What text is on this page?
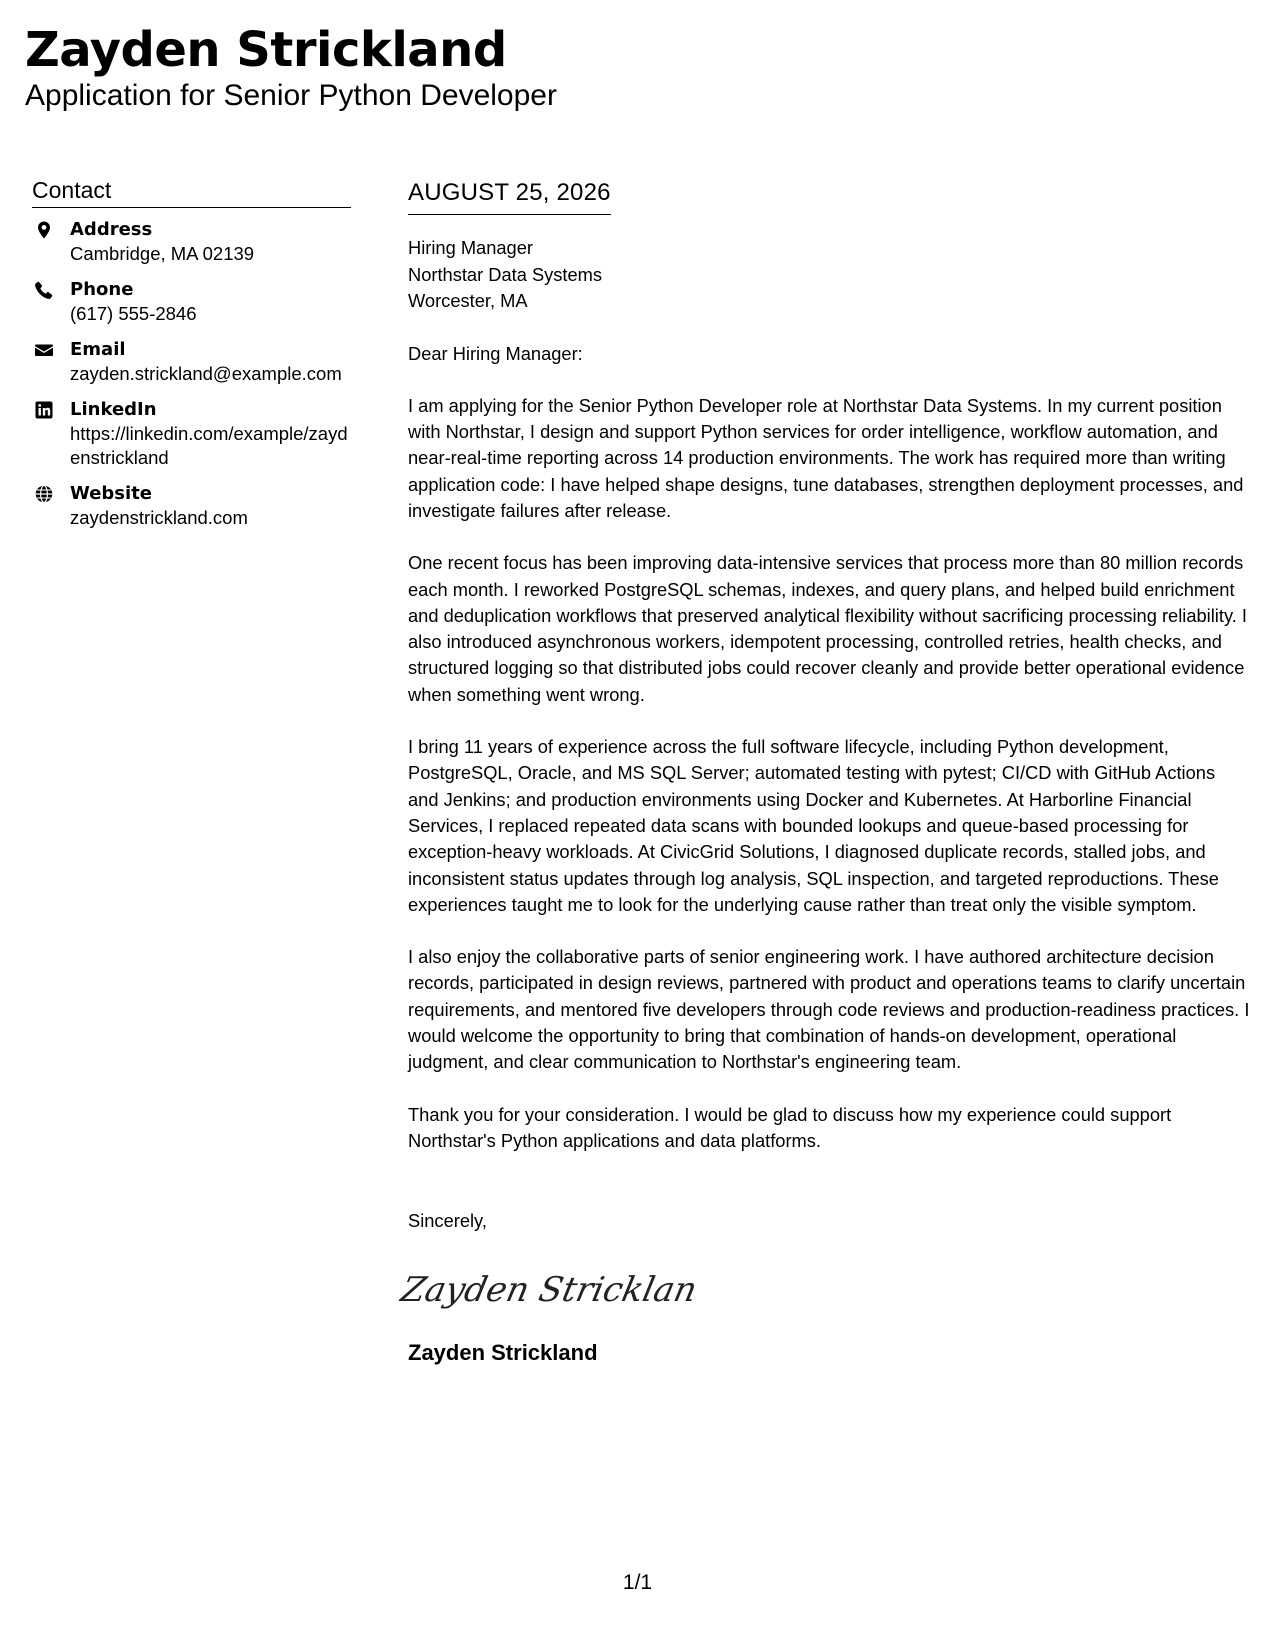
Zayden Strickland
Application for Senior Python Developer
Contact
Address
Cambridge, MA 02139
Phone
(617) 555-2846
Email
zayden.strickland@example.com
LinkedIn
https://linkedin.com/example/zaydenstrickland
Website
zaydenstrickland.com
AUGUST 25, 2026
Hiring Manager
Northstar Data Systems
Worcester, MA
Dear Hiring Manager:

I am applying for the Senior Python Developer role at Northstar Data Systems. In my current position with Northstar, I design and support Python services for order intelligence, workflow automation, and near-real-time reporting across 14 production environments. The work has required more than writing application code: I have helped shape designs, tune databases, strengthen deployment processes, and investigate failures after release.

One recent focus has been improving data-intensive services that process more than 80 million records each month. I reworked PostgreSQL schemas, indexes, and query plans, and helped build enrichment and deduplication workflows that preserved analytical flexibility without sacrificing processing reliability. I also introduced asynchronous workers, idempotent processing, controlled retries, health checks, and structured logging so that distributed jobs could recover cleanly and provide better operational evidence when something went wrong.

I bring 11 years of experience across the full software lifecycle, including Python development, PostgreSQL, Oracle, and MS SQL Server; automated testing with pytest; CI/CD with GitHub Actions and Jenkins; and production environments using Docker and Kubernetes. At Harborline Financial Services, I replaced repeated data scans with bounded lookups and queue-based processing for exception-heavy workloads. At CivicGrid Solutions, I diagnosed duplicate records, stalled jobs, and inconsistent status updates through log analysis, SQL inspection, and targeted reproductions. These experiences taught me to look for the underlying cause rather than treat only the visible symptom.

I also enjoy the collaborative parts of senior engineering work. I have authored architecture decision records, participated in design reviews, partnered with product and operations teams to clarify uncertain requirements, and mentored five developers through code reviews and production-readiness practices. I would welcome the opportunity to bring that combination of hands-on development, operational judgment, and clear communication to Northstar's engineering team.

Thank you for your consideration. I would be glad to discuss how my experience could support Northstar's Python applications and data platforms.

Sincerely,
Zayden Stricklan
Zayden Strickland
1/1
